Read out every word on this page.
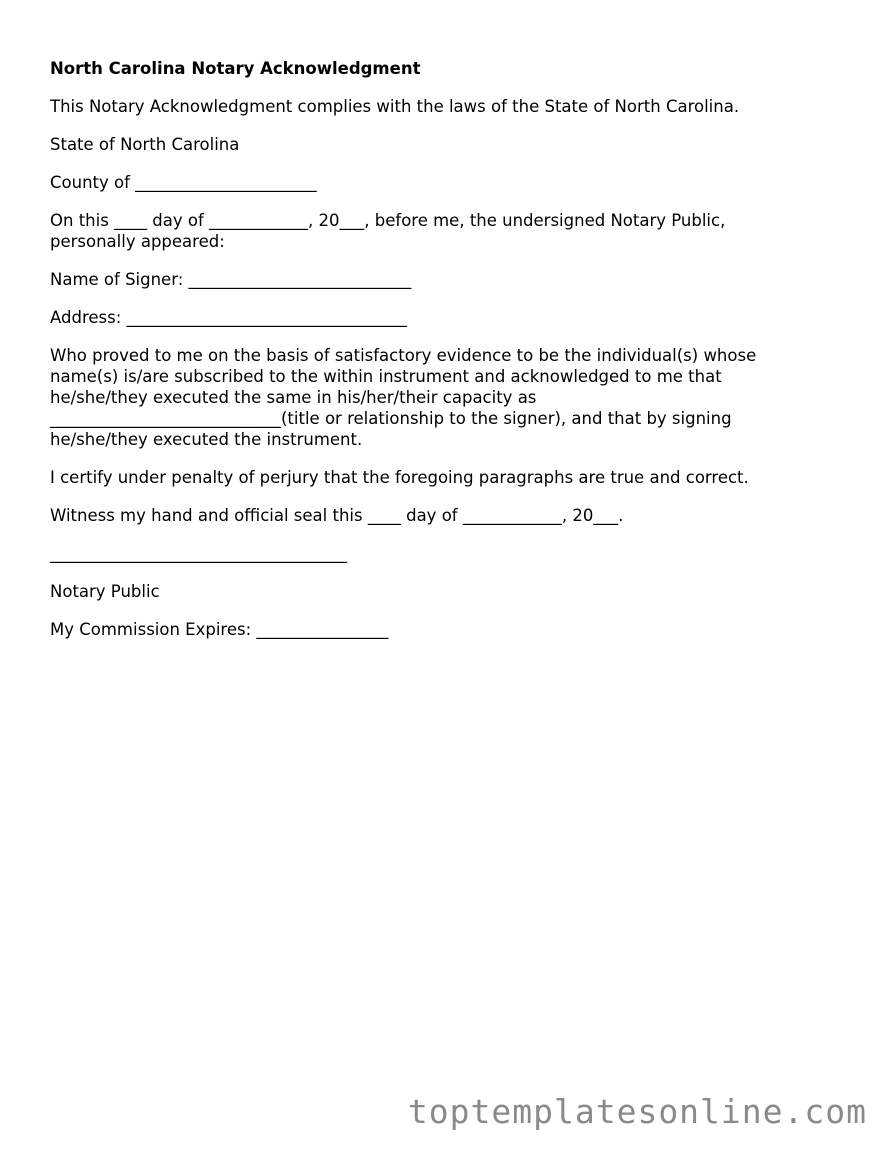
North Carolina Notary Acknowledgment

This Notary Acknowledgment complies with the laws of the State of North Carolina.

State of North Carolina

County of ______________________

On this ____ day of ____________, 20___, before me, the undersigned Notary Public,
personally appeared:

Name of Signer: ___________________________

Address: __________________________________

Who proved to me on the basis of satisfactory evidence to be the individual(s) whose
name(s) is/are subscribed to the within instrument and acknowledged to me that
he/she/they executed the same in his/her/their capacity as
____________________________(title or relationship to the signer), and that by signing
he/she/they executed the instrument.

I certify under penalty of perjury that the foregoing paragraphs are true and correct.

Witness my hand and official seal this ____ day of ____________, 20___.

____________________________________

Notary Public

My Commission Expires: ________________

toptemplatesonline.com
